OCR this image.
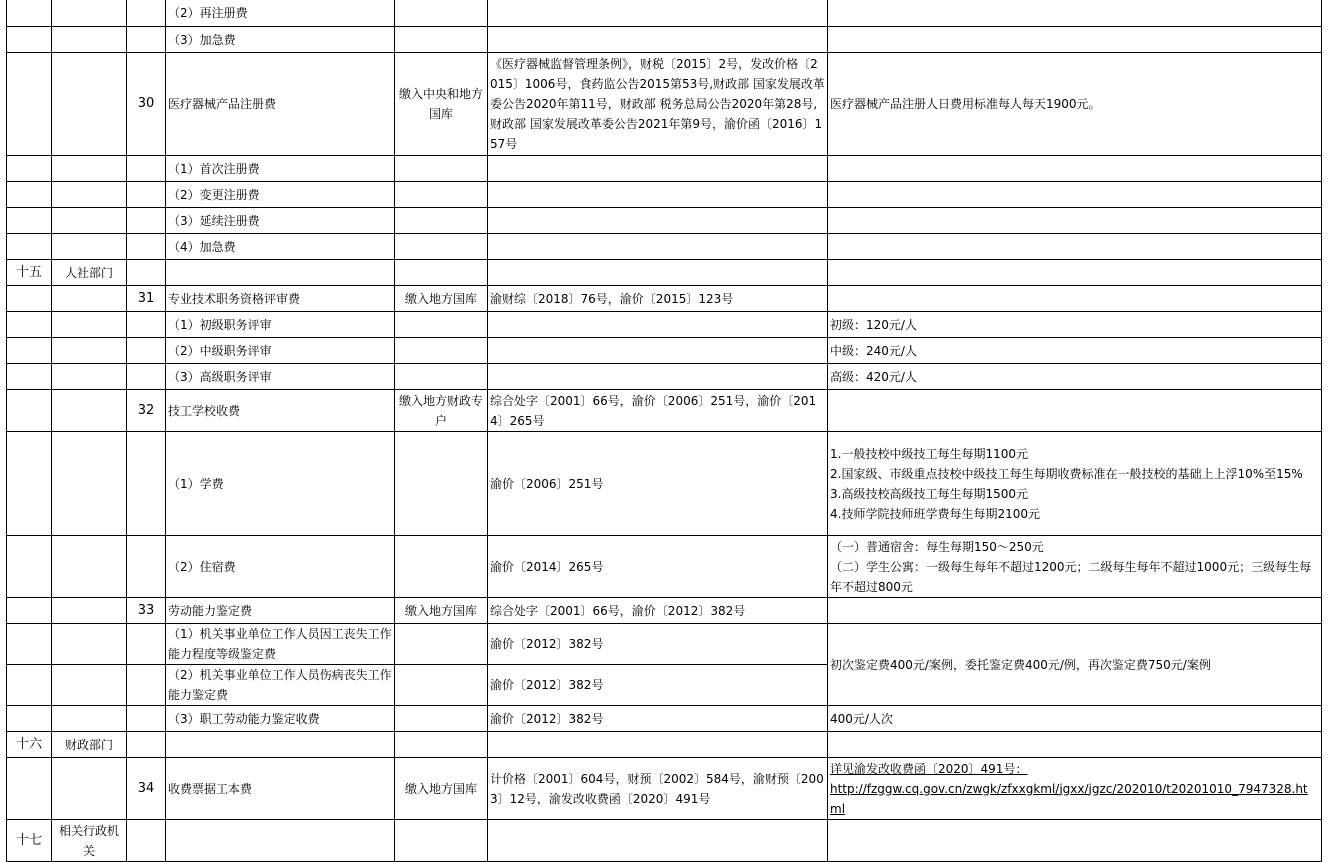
			（2）再注册费			
			（3）加急费			
		30	医疗器械产品注册费	缴入中央和地方国库	《医疗器械监督管理条例》，财税〔2015〕2号，发改价格〔2015〕1006号，食药监公告2015第53号,财政部 国家发展改革委公告2020年第11号，财政部 税务总局公告2020年第28号,财政部 国家发展改革委公告2021年第9号，渝价函〔2016〕157号	医疗器械产品注册人日费用标准每人每天1900元。
			（1）首次注册费			
			（2）变更注册费			
			（3）延续注册费			
			（4）加急费			
十五	人社部门					
		31	专业技术职务资格评审费	缴入地方国库	渝财综〔2018〕76号，渝价〔2015〕123号	
			（1）初级职务评审			初级：120元/人
			（2）中级职务评审			中级：240元/人
			（3）高级职务评审			高级：420元/人
		32	技工学校收费	缴入地方财政专户	综合处字〔2001〕66号，渝价〔2006〕251号，渝价〔2014〕265号	
			（1）学费		渝价〔2006〕251号	1.一般技校中级技工每生每期1100元
2.国家级、市级重点技校中级技工每生每期收费标准在一般技校的基础上上浮10%至15%
3.高级技校高级技工每生每期1500元
4.技师学院技师班学费每生每期2100元

			（2）住宿费		渝价〔2014〕265号	（一）普通宿舍：每生每期150～250元
（二）学生公寓：一级每生每年不超过1200元；二级每生每年不超过1000元；三级每生每年不超过800元

		33	劳动能力鉴定费	缴入地方国库	综合处字〔2001〕66号，渝价〔2012〕382号	
			（1）机关事业单位工作人员因工丧失工作能力程度等级鉴定费		渝价〔2012〕382号	初次鉴定费400元/案例，委托鉴定费400元/例，再次鉴定费750元/案例
			（2）机关事业单位工作人员伤病丧失工作能力鉴定费		渝价〔2012〕382号	
			（3）职工劳动能力鉴定收费		渝价〔2012〕382号	400元/人次
十六	财政部门					
		34	收费票据工本费	缴入地方国库	计价格〔2001〕604号，财预〔2002〕584号，渝财预〔2003〕12号，渝发改收费函〔2020〕491号	详见渝发改收费函〔2020〕491号：
http://fzggw.cq.gov.cn/zwgk/zfxxgkml/jgxx/jgzc/202010/t20201010_7947328.html

十七	相关行政机关					
